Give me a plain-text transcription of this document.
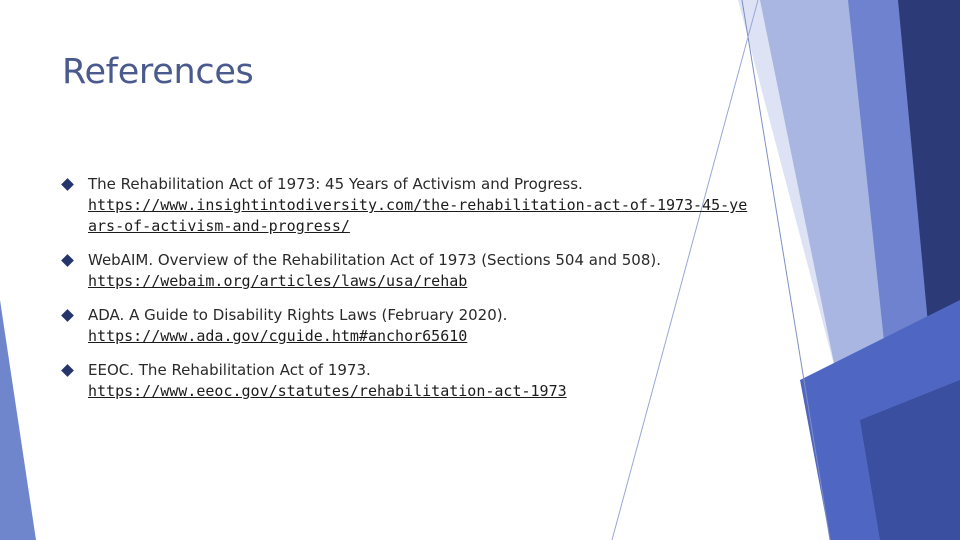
References
The Rehabilitation Act of 1973: 45 Years of Activism and Progress.
https://www.insightintodiversity.com/the-rehabilitation-act-of-1973-45-years-of-activism-and-progress/
WebAIM. Overview of the Rehabilitation Act of 1973 (Sections 504 and 508).
https://webaim.org/articles/laws/usa/rehab
ADA. A Guide to Disability Rights Laws (February 2020).
https://www.ada.gov/cguide.htm#anchor65610
EEOC. The Rehabilitation Act of 1973.
https://www.eeoc.gov/statutes/rehabilitation-act-1973
